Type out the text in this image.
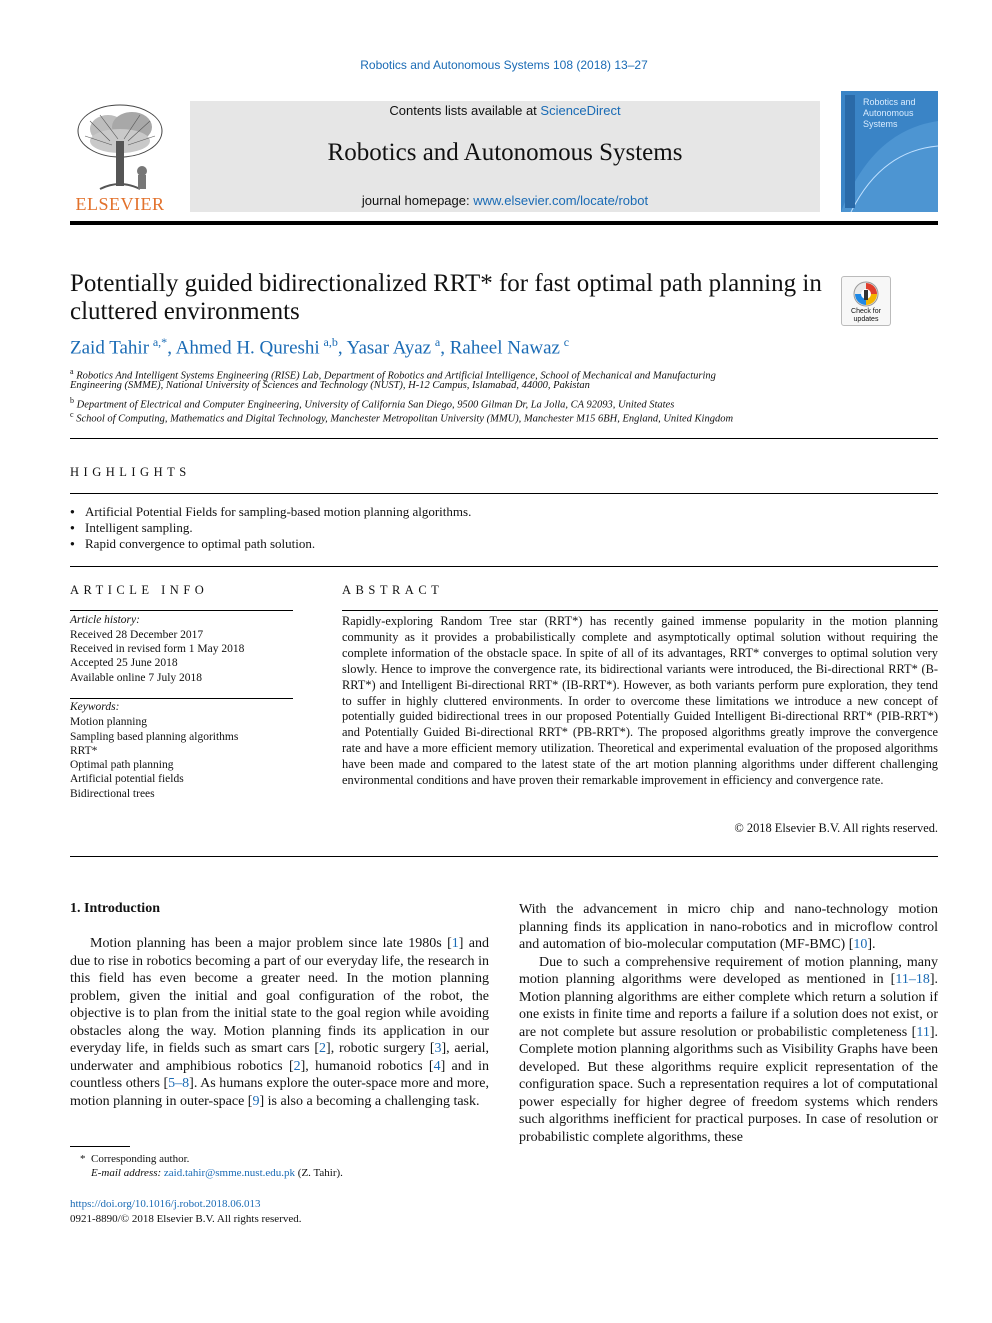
Robotics and Autonomous Systems 108 (2018) 13–27
ELSEVIER
Contents lists available at ScienceDirect
Robotics and Autonomous Systems
journal homepage: www.elsevier.com/locate/robot
Robotics and Autonomous Systems
Potentially guided bidirectionalized RRT* for fast optimal path planning in cluttered environments	Check for updates
Zaid Tahir  $^{a,*}$, Ahmed H. Qureshi  $^{a,b}$, Yasar Ayaz  $^a$, Raheel Nawaz  $^c$
$^a$ Robotics And Intelligent Systems Engineering (RISE) Lab, Department of Robotics and Artificial Intelligence, School of Mechanical and Manufacturing
Engineering (SMME), National University of Sciences and Technology (NUST), H-12 Campus, Islamabad, 44000, Pakistan
$^b$ Department of Electrical and Computer Engineering, University of California San Diego, 9500 Gilman Dr, La Jolla, CA 92093, United States
$^c$ School of Computing, Mathematics and Digital Technology, Manchester Metropolitan University (MMU), Manchester M15 6BH, England, United Kingdom
HIGHLIGHTS
● Artificial Potential Fields for sampling-based motion planning algorithms.
● Intelligent sampling.
● Rapid convergence to optimal path solution.
ARTICLE INFO
Article history:
Received 28 December 2017
Received in revised form 1 May 2018
Accepted 25 June 2018
Available online 7 July 2018
Keywords:
Motion planning
Sampling based planning algorithms
RRT*
Optimal path planning
Artificial potential fields
Bidirectional trees
ABSTRACT
Rapidly-exploring Random Tree star (RRT*) has recently gained immense popularity in the motion planning community as it provides a probabilistically complete and asymptotically optimal solution without requiring the complete information of the obstacle space. In spite of all of its advantages, RRT* converges to optimal solution very slowly. Hence to improve the convergence rate, its bidirectional variants were introduced, the Bi-directional RRT* (B-RRT*) and Intelligent Bi-directional RRT* (IB-RRT*). However, as both variants perform pure exploration, they tend to suffer in highly cluttered environments. In order to overcome these limitations we introduce a new concept of potentially guided bidirectional trees in our proposed Potentially Guided Intelligent Bi-directional RRT* (PIB-RRT*) and Potentially Guided Bi-directional RRT* (PB-RRT*). The proposed algorithms greatly improve the convergence rate and have a more efficient memory utilization. Theoretical and experimental evaluation of the proposed algorithms have been made and compared to the latest state of the art motion planning algorithms under different challenging environmental conditions and have proven their remarkable improvement in efficiency and convergence rate.
© 2018 Elsevier B.V. All rights reserved.
1. Introduction

Motion planning has been a major problem since late 1980s [1] and due to rise in robotics becoming a part of our everyday life, the research in this field has even become a greater need. In the motion planning problem, given the initial and goal configuration of the robot, the objective is to plan from the initial state to the goal region while avoiding obstacles along the way. Motion planning finds its application in our everyday life, in fields such as smart cars [2], robotic surgery [3], aerial, underwater and amphibious robotics [2], humanoid robotics [4] and in countless others [5–8]. As humans explore the outer-space more and more, motion planning in outer-space [9] is also a becoming a challenging task.

With the advancement in micro chip and nano-technology motion planning finds its application in nano-robotics and in microflow control and automation of bio-molecular computation (MF-BMC) [10].

Due to such a comprehensive requirement of motion planning, many motion planning algorithms were developed as mentioned in [11–18]. Motion planning algorithms are either complete which return a solution if one exists in finite time and reports a failure if a solution does not exist, or are not complete but assure resolution or probabilistic completeness [11]. Complete motion planning algorithms such as Visibility Graphs have been developed. But these algorithms require explicit representation of the configuration space. Such a representation requires a lot of computational power especially for higher degree of freedom systems which renders such algorithms inefficient for practical purposes. In case of resolution or probabilistic complete algorithms, these

* Corresponding author.
E-mail address: zaid.tahir@smme.nust.edu.pk (Z. Tahir).
https://doi.org/10.1016/j.robot.2018.06.013
0921-8890/© 2018 Elsevier B.V. All rights reserved.
